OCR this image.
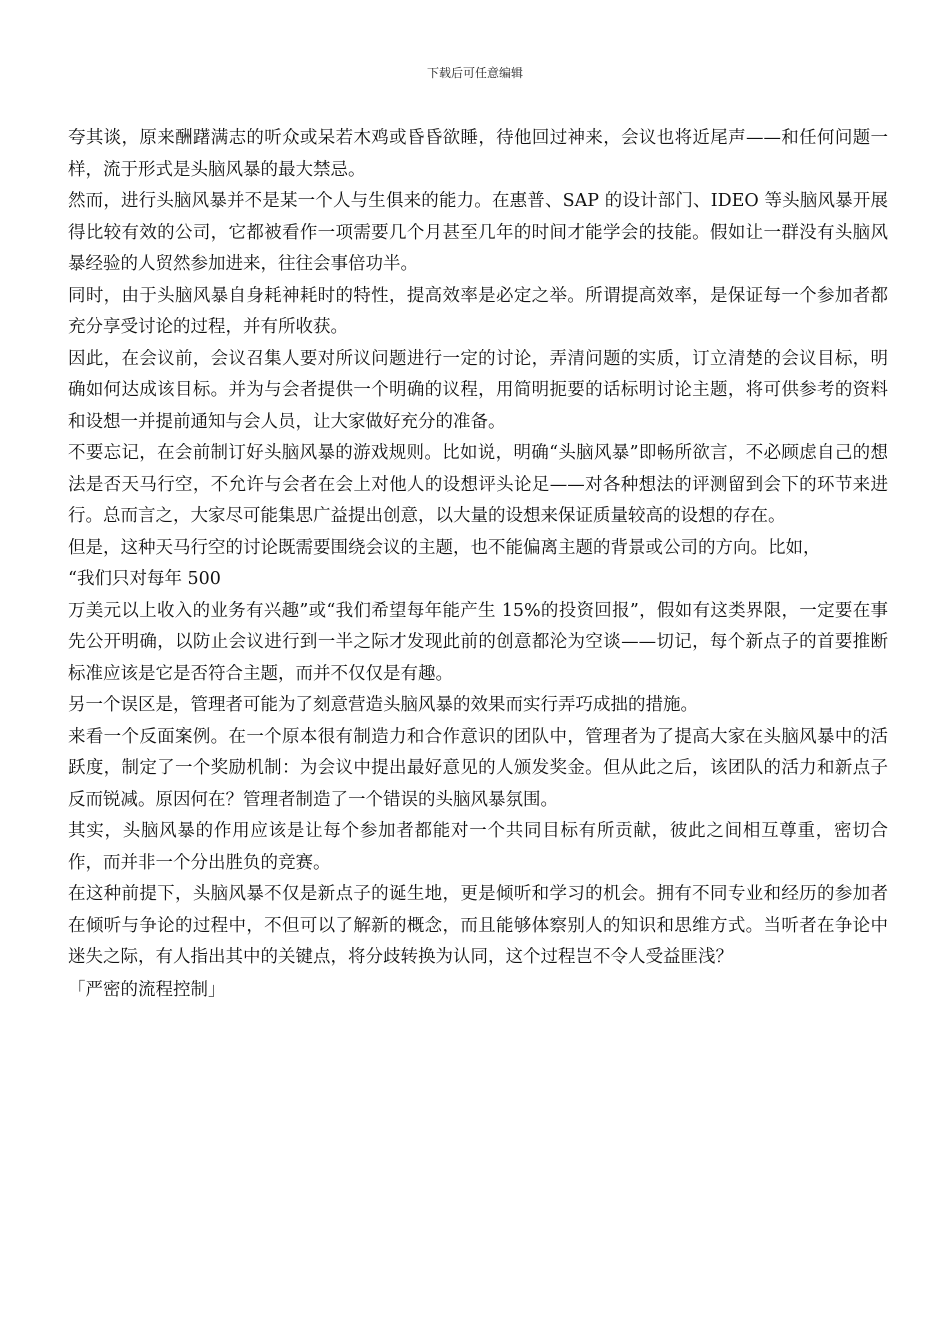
下载后可任意编辑

夸其谈，原来酬躇满志的听众或呆若木鸡或昏昏欲睡，待他回过神来，会议也将近尾声——和任何问题一样，流于形式是头脑风暴的最大禁忌。

然而，进行头脑风暴并不是某一个人与生俱来的能力。在惠普、SAP 的设计部门、IDEO 等头脑风暴开展得比较有效的公司，它都被看作一项需要几个月甚至几年的时间才能学会的技能。假如让一群没有头脑风暴经验的人贸然参加进来，往往会事倍功半。

同时，由于头脑风暴自身耗神耗时的特性，提高效率是必定之举。所谓提高效率，是保证每一个参加者都充分享受讨论的过程，并有所收获。

因此，在会议前，会议召集人要对所议问题进行一定的讨论，弄清问题的实质，订立清楚的会议目标，明确如何达成该目标。并为与会者提供一个明确的议程，用简明扼要的话标明讨论主题，将可供参考的资料和设想一并提前通知与会人员，让大家做好充分的准备。

不要忘记，在会前制订好头脑风暴的游戏规则。比如说，明确“头脑风暴”即畅所欲言，不必顾虑自己的想法是否天马行空，不允许与会者在会上对他人的设想评头论足——对各种想法的评测留到会下的环节来进行。总而言之，大家尽可能集思广益提出创意，以大量的设想来保证质量较高的设想的存在。

但是，这种天马行空的讨论既需要围绕会议的主题，也不能偏离主题的背景或公司的方向。比如，

“我们只对每年 500

万美元以上收入的业务有兴趣”或“我们希望每年能产生 15%的投资回报”，假如有这类界限，一定要在事先公开明确，以防止会议进行到一半之际才发现此前的创意都沦为空谈——切记，每个新点子的首要推断标准应该是它是否符合主题，而并不仅仅是有趣。

另一个误区是，管理者可能为了刻意营造头脑风暴的效果而实行弄巧成拙的措施。

来看一个反面案例。在一个原本很有制造力和合作意识的团队中，管理者为了提高大家在头脑风暴中的活跃度，制定了一个奖励机制：为会议中提出最好意见的人颁发奖金。但从此之后，该团队的活力和新点子反而锐减。原因何在？管理者制造了一个错误的头脑风暴氛围。

其实，头脑风暴的作用应该是让每个参加者都能对一个共同目标有所贡献，彼此之间相互尊重，密切合作，而并非一个分出胜负的竞赛。

在这种前提下，头脑风暴不仅是新点子的诞生地，更是倾听和学习的机会。拥有不同专业和经历的参加者在倾听与争论的过程中，不但可以了解新的概念，而且能够体察别人的知识和思维方式。当听者在争论中迷失之际，有人指出其中的关键点，将分歧转换为认同，这个过程岂不令人受益匪浅？

「严密的流程控制」
